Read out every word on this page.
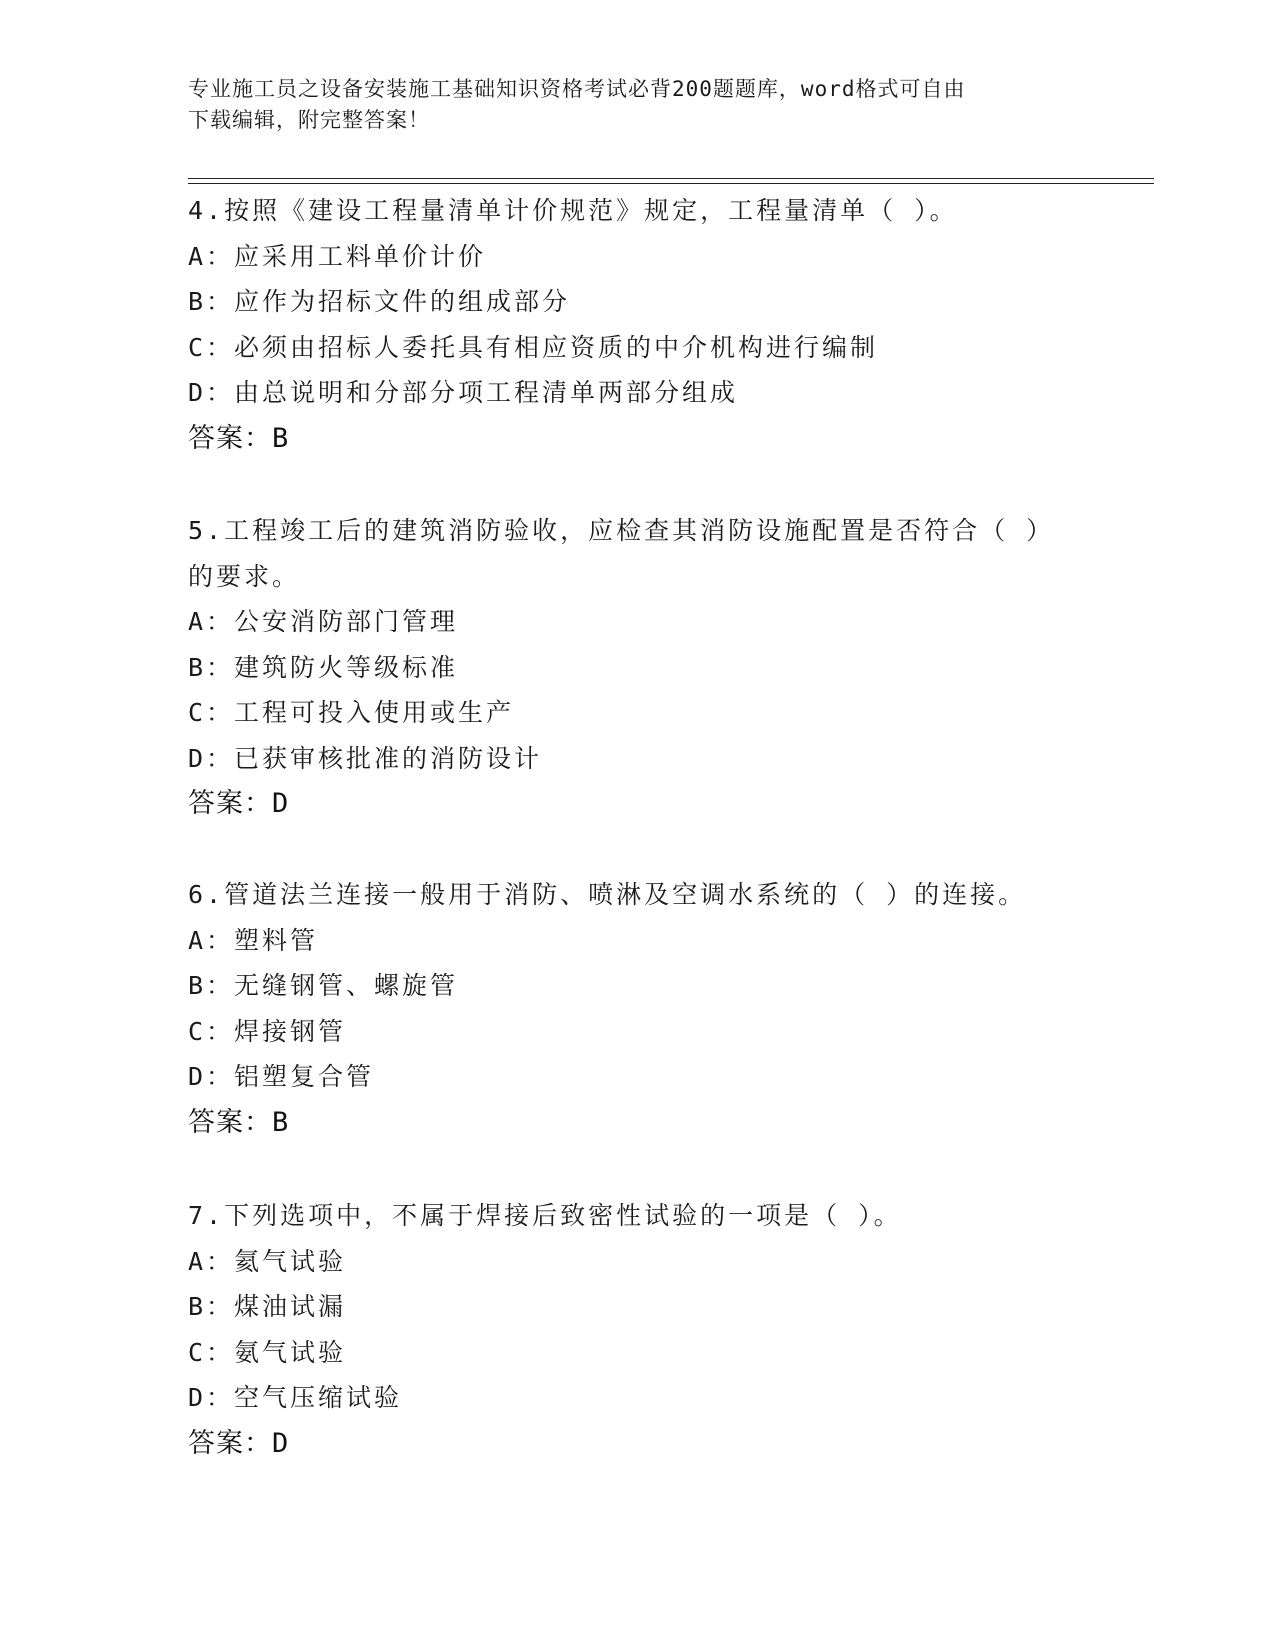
专业施工员之设备安装施工基础知识资格考试必背200题题库，word格式可自由
下载编辑，附完整答案！
4.按照《建设工程量清单计价规范》规定，工程量清单（ ）。
A：应采用工料单价计价
B：应作为招标文件的组成部分
C：必须由招标人委托具有相应资质的中介机构进行编制
D：由总说明和分部分项工程清单两部分组成
答案：B
5.工程竣工后的建筑消防验收，应检查其消防设施配置是否符合（ ）
的要求。
A：公安消防部门管理
B：建筑防火等级标准
C：工程可投入使用或生产
D：已获审核批准的消防设计
答案：D
6.管道法兰连接一般用于消防、喷淋及空调水系统的（ ）的连接。
A：塑料管
B：无缝钢管、螺旋管
C：焊接钢管
D：铝塑复合管
答案：B
7.下列选项中，不属于焊接后致密性试验的一项是（ ）。
A：氦气试验
B：煤油试漏
C：氨气试验
D：空气压缩试验
答案：D
